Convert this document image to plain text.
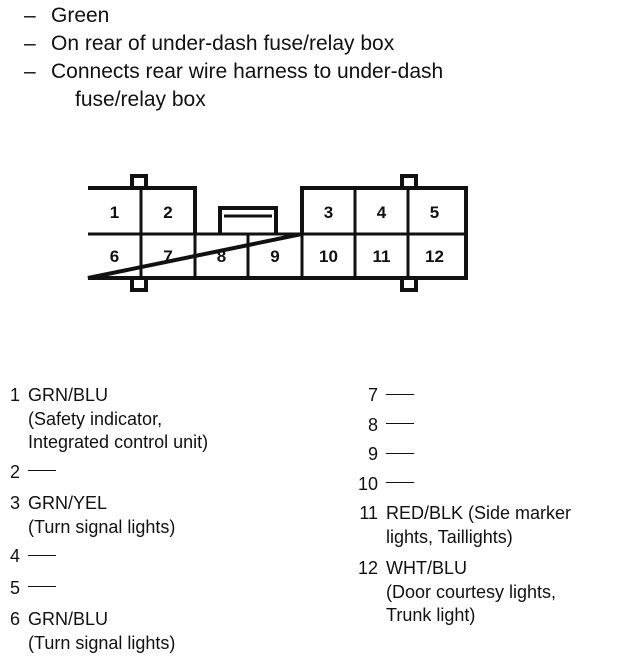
– Green
– On rear of under-dash fuse/relay box
– Connects rear wire harness to under-dash
fuse/relay box
1	2	3	4	5
6	7	8	9 10 11 12
1 GRN/BLU
(Safety indicator,
Integrated control unit)
2
3 GRN/YEL
(Turn signal lights)
4
5
6 GRN/BLU
(Turn signal lights)
7
8
9
10
11 RED/BLK (Side marker
lights, Taillights)
12 WHT/BLU
(Door courtesy lights,
Trunk light)
